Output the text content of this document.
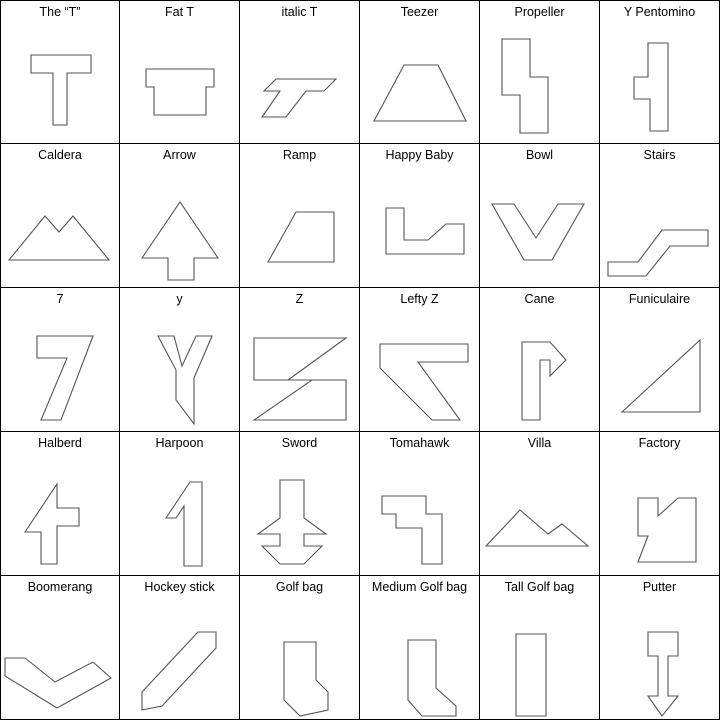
The “T”	Fat T	italic T	Teezer	Propeller	Y Pentomino
Caldera	Arrow	Ramp	Happy Baby	Bowl	Stairs
7	y	Z	Lefty Z	Cane	Funiculaire
Halberd	Harpoon	Sword	Tomahawk	Villa	Factory
Boomerang	Hockey stick	Golf bag	Medium Golf bag	Tall Golf bag	Putter
